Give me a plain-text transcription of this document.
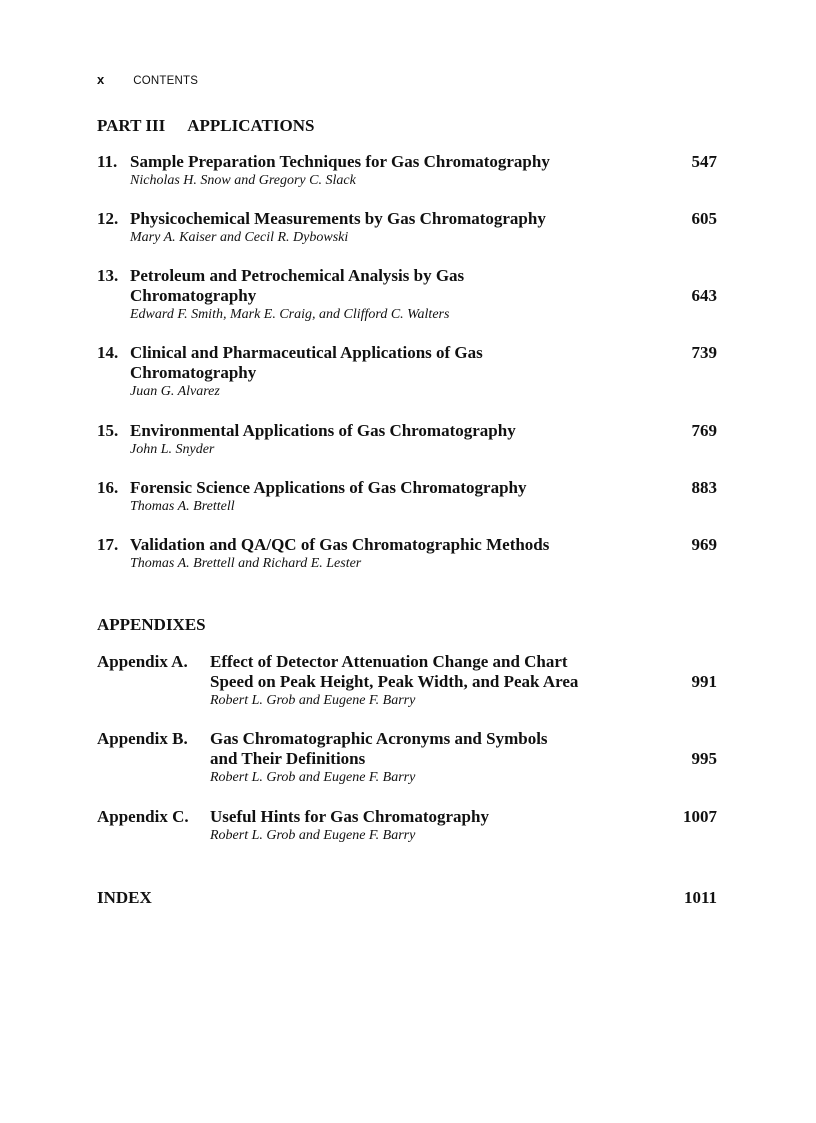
x	CONTENTS
PART III APPLICATIONS
11. Sample Preparation Techniques for Gas Chromatography
Nicholas H. Snow and Gregory C. Slack
547
12. Physicochemical Measurements by Gas Chromatography
Mary A. Kaiser and Cecil R. Dybowski
605
13. Petroleum and Petrochemical Analysis by Gas
Chromatography
Edward F. Smith, Mark E. Craig, and Clifford C. Walters
643
14. Clinical and Pharmaceutical Applications of Gas
Chromatography
Juan G. Alvarez
739
15. Environmental Applications of Gas Chromatography
John L. Snyder
769
16. Forensic Science Applications of Gas Chromatography
Thomas A. Brettell
883
17. Validation and QA/QC of Gas Chromatographic Methods
Thomas A. Brettell and Richard E. Lester
969
APPENDIXES
Appendix A. Effect of Detector Attenuation Change and Chart
Speed on Peak Height, Peak Width, and Peak Area
Robert L. Grob and Eugene F. Barry
991
Appendix B. Gas Chromatographic Acronyms and Symbols
and Their Definitions
Robert L. Grob and Eugene F. Barry
995
Appendix C. Useful Hints for Gas Chromatography
Robert L. Grob and Eugene F. Barry
1007
INDEX	1011
